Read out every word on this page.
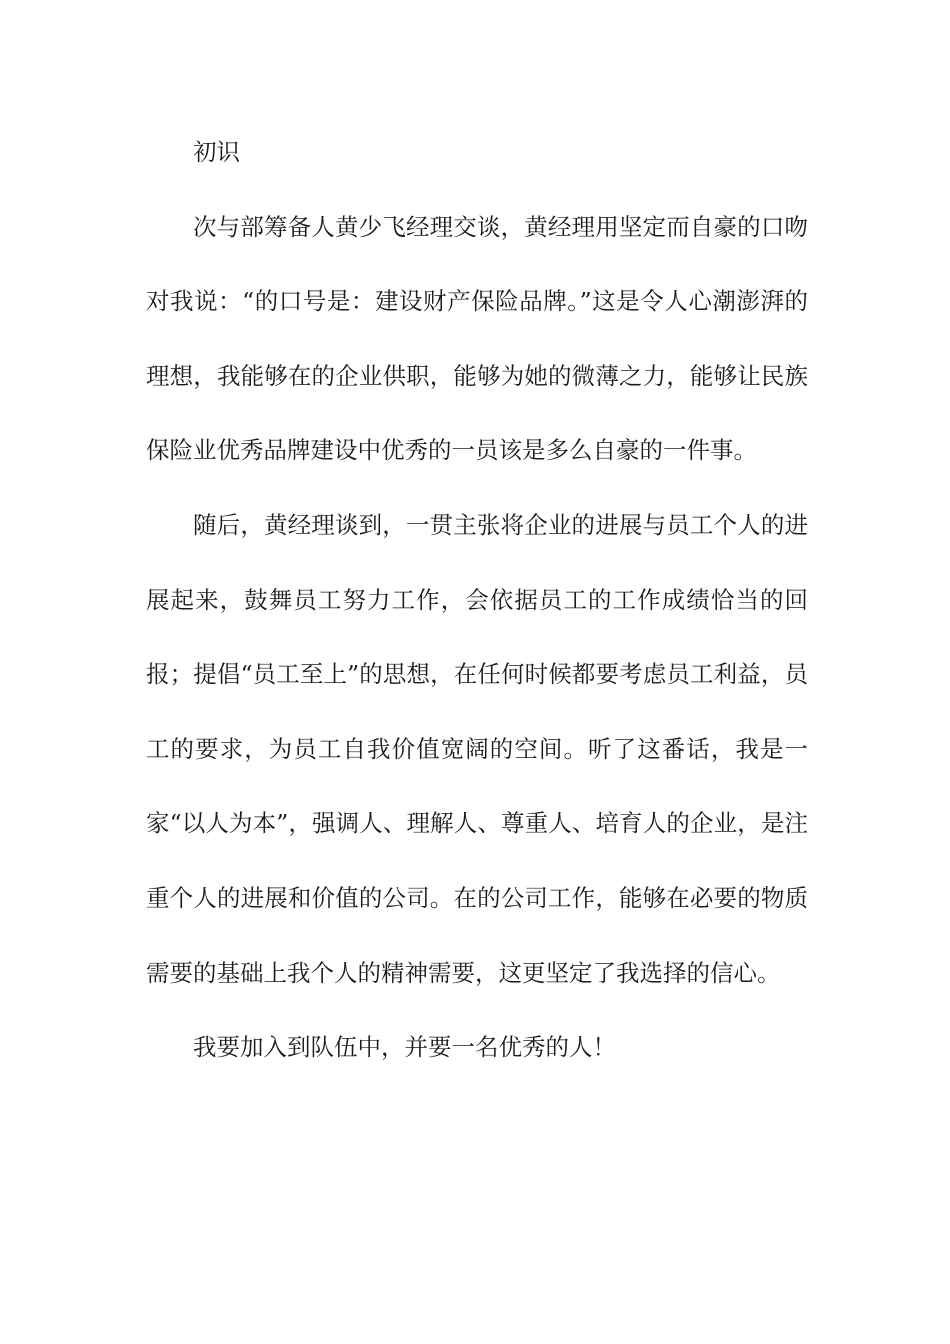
初识

次与部筹备人黄少飞经理交谈，黄经理用坚定而自豪的口吻对我说：“的口号是：建设财产保险品牌。”这是令人心潮澎湃的理想，我能够在的企业供职，能够为她的微薄之力，能够让民族保险业优秀品牌建设中优秀的一员该是多么自豪的一件事。

随后，黄经理谈到，一贯主张将企业的进展与员工个人的进展起来，鼓舞员工努力工作，会依据员工的工作成绩恰当的回报；提倡“员工至上”的思想，在任何时候都要考虑员工利益，员工的要求，为员工自我价值宽阔的空间。听了这番话，我是一家“以人为本”，强调人、理解人、尊重人、培育人的企业，是注重个人的进展和价值的公司。在的公司工作，能够在必要的物质需要的基础上我个人的精神需要，这更坚定了我选择的信心。

我要加入到队伍中，并要一名优秀的人！
